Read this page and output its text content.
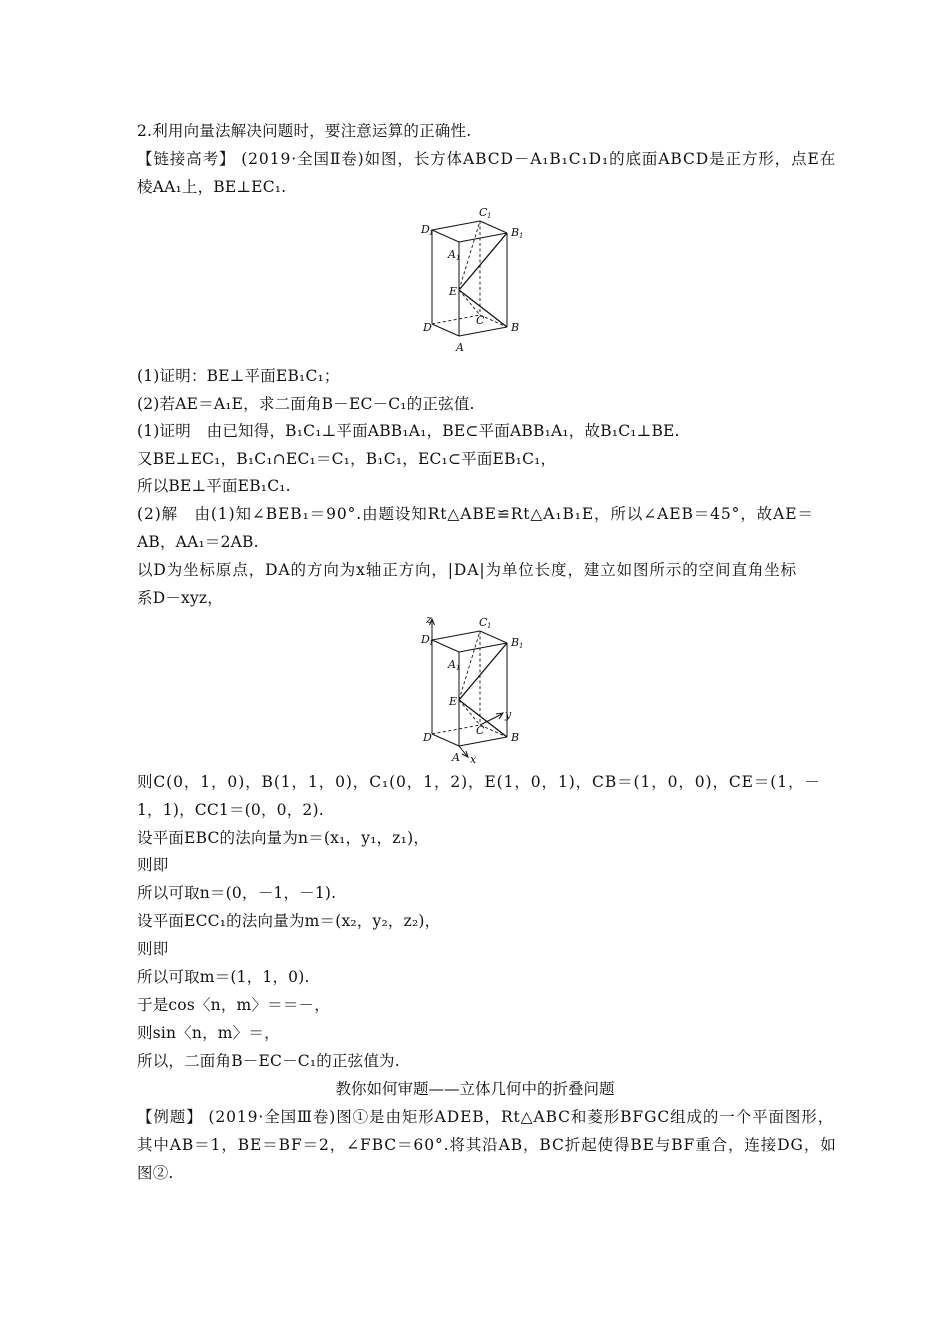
2.利用向量法解决问题时，要注意运算的正确性.
【链接高考】 (2019·全国Ⅱ卷)如图，长方体ABCD－A₁B₁C₁D₁的底面ABCD是正方形，点E在
棱AA₁上，BE⊥EC₁.
C 1
D 1	B 1
A 1
E
C
D	B
A
(1)证明：BE⊥平面EB₁C₁；
(2)若AE＝A₁E，求二面角B－EC－C₁的正弦值.
(1)证明　由已知得，B₁C₁⊥平面ABB₁A₁，BE⊂平面ABB₁A₁，故B₁C₁⊥BE.
又BE⊥EC₁，B₁C₁∩EC₁＝C₁，B₁C₁，EC₁⊂平面EB₁C₁，
所以BE⊥平面EB₁C₁.
(2)解　由(1)知∠BEB₁＝90°.由题设知Rt△ABE≌Rt△A₁B₁E，所以∠AEB＝45°，故AE＝
AB，AA₁＝2AB.
以D为坐标原点，DA的方向为x轴正方向，|DA|为单位长度，建立如图所示的空间直角坐标
系D－xyz，
z	C 1
D 1	B 1
A 1
E
y
C
D	B
A x
则C(0，1，0)，B(1，1，0)，C₁(0，1，2)，E(1，0，1)，CB＝(1，0，0)，CE＝(1，－
1，1)，CC1＝(0，0，2).
设平面EBC的法向量为n＝(x₁，y₁，z₁)，
则即
所以可取n＝(0，－1，－1).
设平面ECC₁的法向量为m＝(x₂，y₂，z₂)，
则即
所以可取m＝(1，1，0).
于是cos〈n，m〉＝＝－，
则sin〈n，m〉＝，
所以，二面角B－EC－C₁的正弦值为.
教你如何审题——立体几何中的折叠问题
【例题】 (2019·全国Ⅲ卷)图①是由矩形ADEB，Rt△ABC和菱形BFGC组成的一个平面图形，
其中AB＝1，BE＝BF＝2，∠FBC＝60°.将其沿AB，BC折起使得BE与BF重合，连接DG，如
图②.
